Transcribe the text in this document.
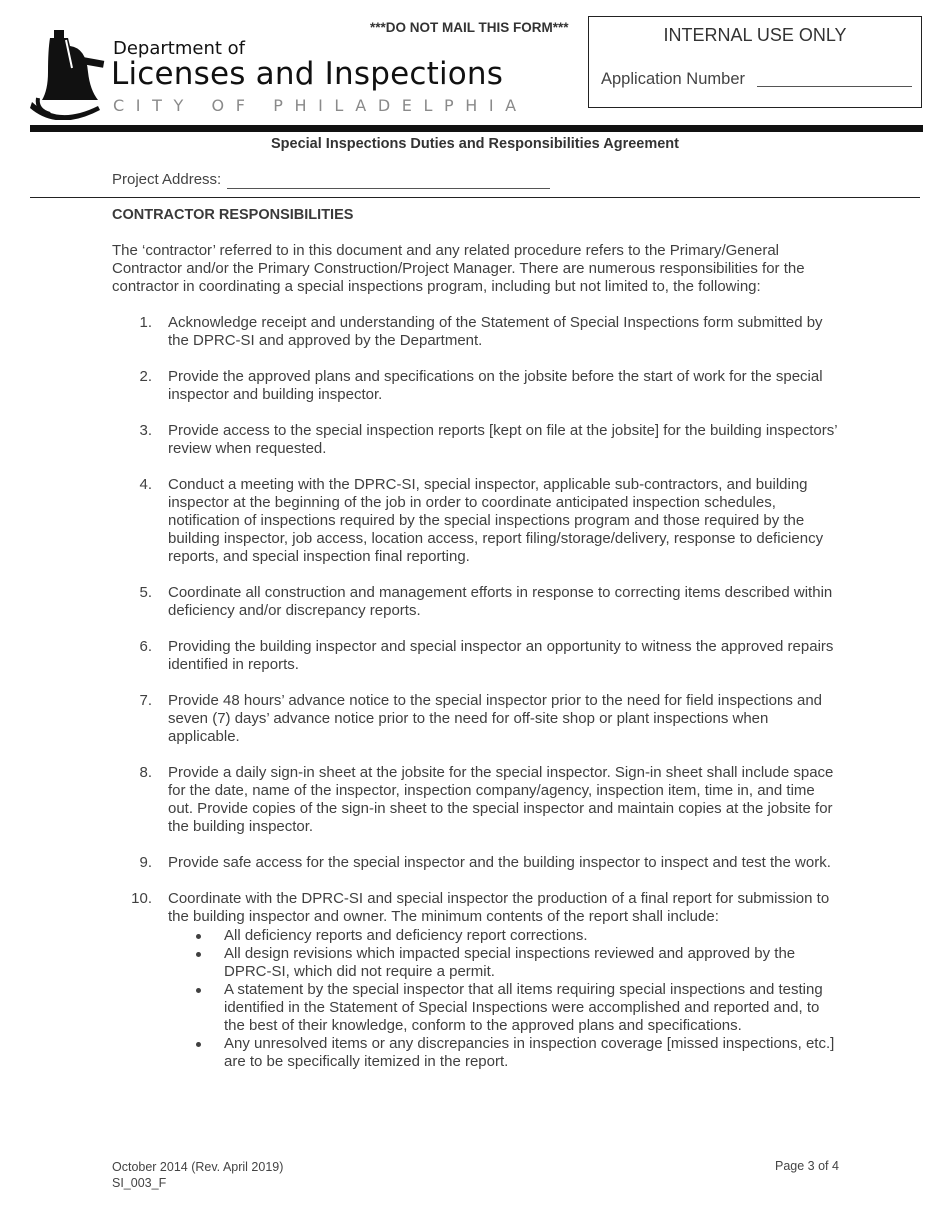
Department of
Licenses and Inspections
CITY OF PHILADELPHIA
***DO NOT MAIL THIS FORM***	INTERNAL USE ONLY
Application Number
Special Inspections Duties and Responsibilities Agreement
Project Address:
CONTRACTOR RESPONSIBILITIES
The ‘contractor’ referred to in this document and any related procedure refers to the Primary/General Contractor and/or the Primary Construction/Project Manager. There are numerous responsibilities for the contractor in coordinating a special inspections program, including but not limited to, the following:
1. Acknowledge receipt and understanding of the Statement of Special Inspections form submitted by the DPRC-SI and approved by the Department.
2. Provide the approved plans and specifications on the jobsite before the start of work for the special inspector and building inspector.
3. Provide access to the special inspection reports [kept on file at the jobsite] for the building inspectors’ review when requested.
4. Conduct a meeting with the DPRC-SI, special inspector, applicable sub-contractors, and building inspector at the beginning of the job in order to coordinate anticipated inspection schedules, notification of inspections required by the special inspections program and those required by the building inspector, job access, location access, report filing/storage/delivery, response to deficiency reports, and special inspection final reporting.
5. Coordinate all construction and management efforts in response to correcting items described within deficiency and/or discrepancy reports.
6. Providing the building inspector and special inspector an opportunity to witness the approved repairs identified in reports.
7. Provide 48 hours’ advance notice to the special inspector prior to the need for field inspections and seven (7) days’ advance notice prior to the need for off-site shop or plant inspections when applicable.
8. Provide a daily sign-in sheet at the jobsite for the special inspector. Sign-in sheet shall include space for the date, name of the inspector, inspection company/agency, inspection item, time in, and time out. Provide copies of the sign-in sheet to the special inspector and maintain copies at the jobsite for the building inspector.
9. Provide safe access for the special inspector and the building inspector to inspect and test the work.
10. Coordinate with the DPRC-SI and special inspector the production of a final report for submission to the building inspector and owner. The minimum contents of the report shall include:
All deficiency reports and deficiency report corrections.
All design revisions which impacted special inspections reviewed and approved by the DPRC-SI, which did not require a permit.
A statement by the special inspector that all items requiring special inspections and testing identified in the Statement of Special Inspections were accomplished and reported and, to the best of their knowledge, conform to the approved plans and specifications.
Any unresolved items or any discrepancies in inspection coverage [missed inspections, etc.] are to be specifically itemized in the report.
October 2014 (Rev. April 2019)
SI_003_F
Page 3 of 4
